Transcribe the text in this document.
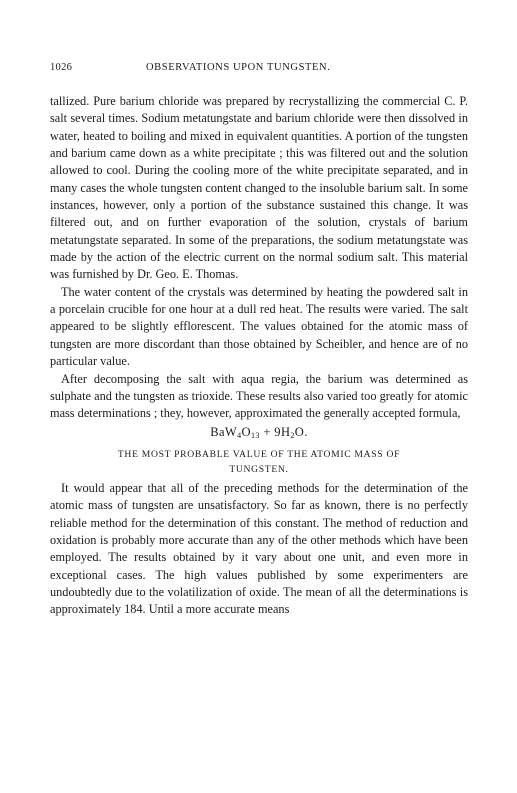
1026	OBSERVATIONS UPON TUNGSTEN.

tallized. Pure barium chloride was prepared by recrystallizing the commercial C. P. salt several times. Sodium metatungstate and barium chloride were then dissolved in water, heated to boiling and mixed in equivalent quantities. A portion of the tungsten and barium came down as a white precipitate ; this was filtered out and the solution allowed to cool. During the cooling more of the white precipitate separated, and in many cases the whole tungsten content changed to the insoluble barium salt. In some instances, however, only a portion of the substance sustained this change. It was filtered out, and on further evaporation of the solution, crystals of barium metatungstate separated. In some of the preparations, the sodium metatungstate was made by the action of the electric current on the normal sodium salt. This material was furnished by Dr. Geo. E. Thomas.

The water content of the crystals was determined by heating the powdered salt in a porcelain crucible for one hour at a dull red heat. The results were varied. The salt appeared to be slightly efflorescent. The values obtained for the atomic mass of tungsten are more discordant than those obtained by Scheibler, and hence are of no particular value.

After decomposing the salt with aqua regia, the barium was determined as sulphate and the tungsten as trioxide. These results also varied too greatly for atomic mass determinations ; they, however, approximated the generally accepted formula,

$BaW_4O_{13} + 9H_2O$.
THE MOST PROBABLE VALUE OF THE ATOMIC MASS OF
TUNGSTEN.

It would appear that all of the preceding methods for the determination of the atomic mass of tungsten are unsatisfactory. So far as known, there is no perfectly reliable method for the determination of this constant. The method of reduction and oxidation is probably more accurate than any of the other methods which have been employed. The results obtained by it vary about one unit, and even more in exceptional cases. The high values published by some experimenters are undoubtedly due to the volatilization of oxide. The mean of all the determinations is approximately 184. Until a more accurate means
